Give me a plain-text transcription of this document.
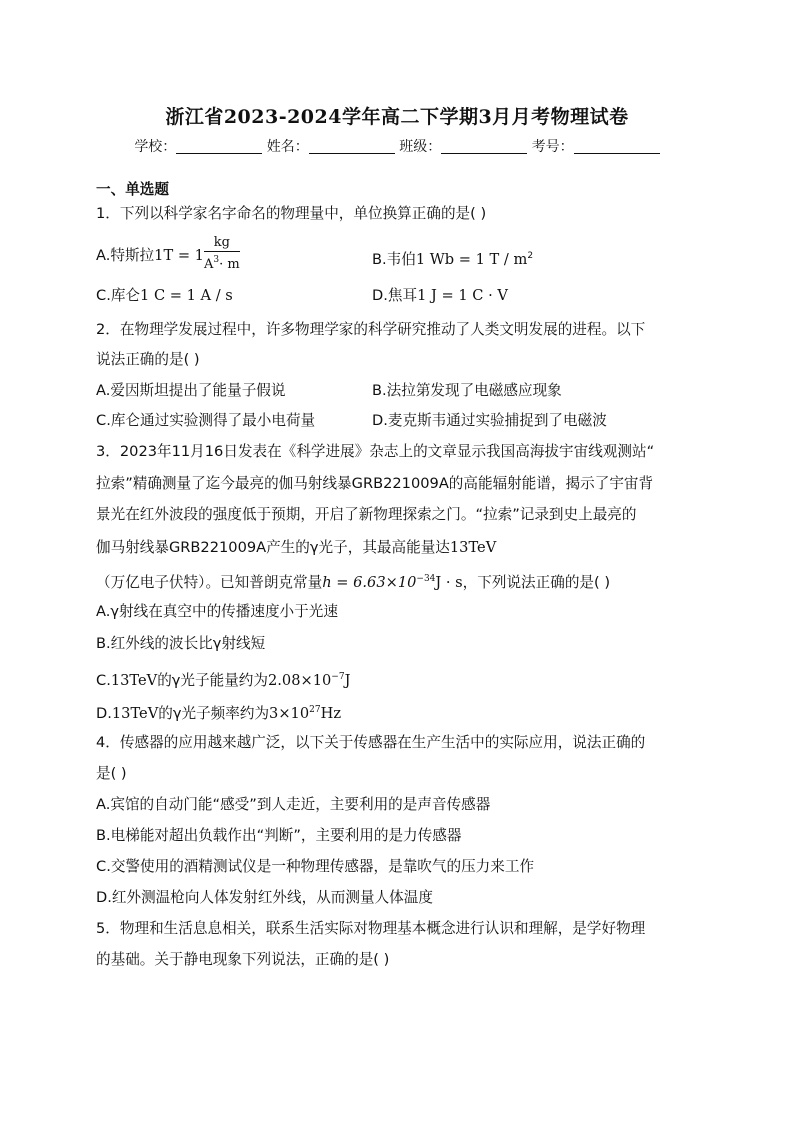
浙江省2023-2024学年高二下学期3月月考物理试卷
学校：	姓名：	班级：	考号：
一、单选题
1．下列以科学家名字命名的物理量中，单位换算正确的是( )
A.特斯拉$1T = 1 \frac{kg}{A^3\cdot m}$	B.韦伯1 Wb = 1 T / $m^2$
C.库仑1 C = 1 A / s	D.焦耳1 J = 1 C · V
2．在物理学发展过程中，许多物理学家的科学研究推动了人类文明发展的进程。以下
说法正确的是( )
A.爱因斯坦提出了能量子假说	B.法拉第发现了电磁感应现象
C.库仑通过实验测得了最小电荷量	D.麦克斯韦通过实验捕捉到了电磁波
3．2023年11月16日发表在《科学进展》杂志上的文章显示我国高海拔宇宙线观测站“
拉索”精确测量了迄今最亮的伽马射线暴GRB221009A的高能辐射能谱，揭示了宇宙背
景光在红外波段的强度低于预期，开启了新物理探索之门。“拉索”记录到史上最亮的
伽马射线暴GRB221009A产生的γ光子，其最高能量达13TeV
（万亿电子伏特）。已知普朗克常量$h = 6.63\times 10^{-34}J \cdot s$，下列说法正确的是( )
A.γ射线在真空中的传播速度小于光速
B.红外线的波长比γ射线短
C.13TeV的γ光子能量约为$2.08\times 10^{-7}J$
D.13TeV的γ光子频率约为$3\times 10^{27}Hz$
4．传感器的应用越来越广泛，以下关于传感器在生产生活中的实际应用，说法正确的
是( )
A.宾馆的自动门能“感受”到人走近，主要利用的是声音传感器
B.电梯能对超出负载作出“判断”，主要利用的是力传感器
C.交警使用的酒精测试仪是一种物理传感器，是靠吹气的压力来工作
D.红外测温枪向人体发射红外线，从而测量人体温度
5．物理和生活息息相关，联系生活实际对物理基本概念进行认识和理解，是学好物理
的基础。关于静电现象下列说法，正确的是( )
